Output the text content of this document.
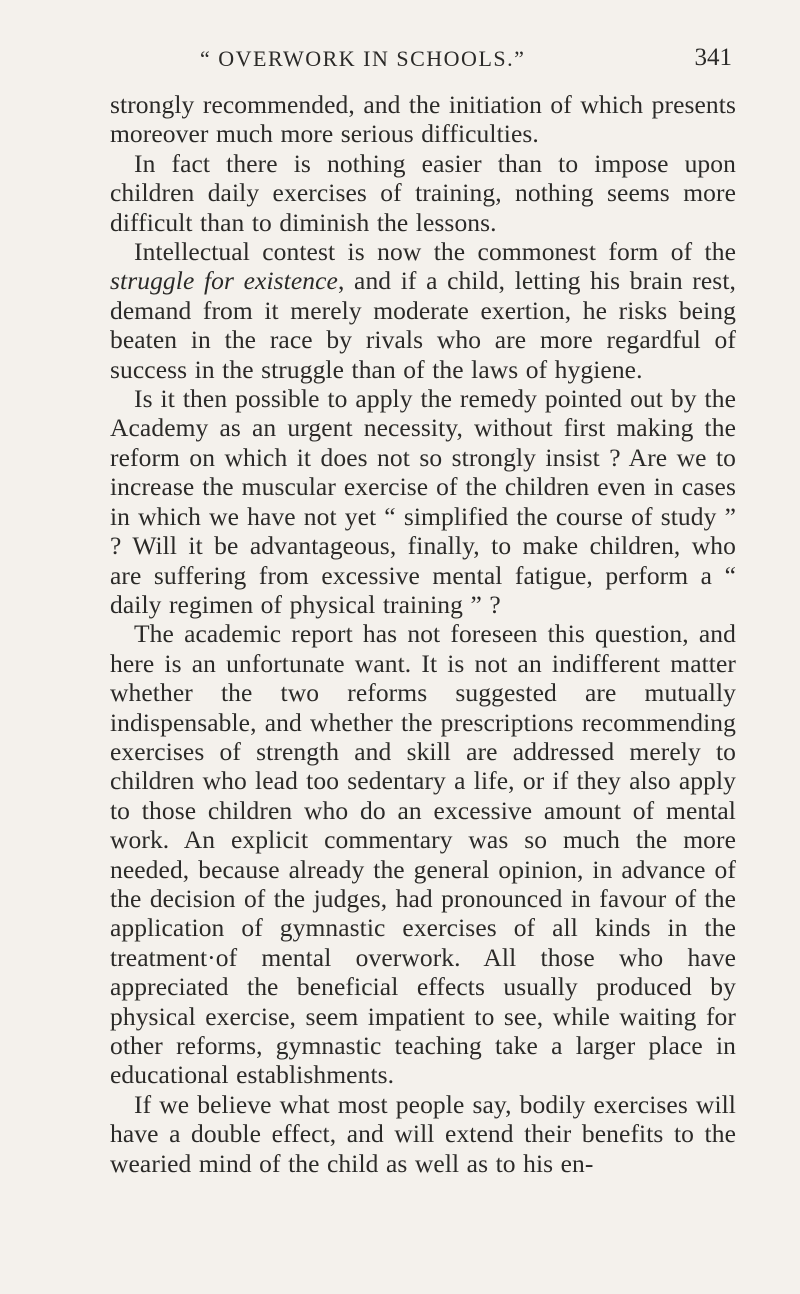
“ OVERWORK IN SCHOOLS.”	341

strongly recommended, and the initiation of which presents moreover much more serious difficulties.

In fact there is nothing easier than to impose upon children daily exercises of training, nothing seems more difficult than to diminish the lessons.

Intellectual contest is now the commonest form of the struggle for existence, and if a child, letting his brain rest, demand from it merely moderate exertion, he risks being beaten in the race by rivals who are more regardful of success in the struggle than of the laws of hygiene.

Is it then possible to apply the remedy pointed out by the Academy as an urgent necessity, without first making the reform on which it does not so strongly insist ? Are we to increase the muscular exercise of the children even in cases in which we have not yet “ simplified the course of study ” ? Will it be advantageous, finally, to make children, who are suffering from excessive mental fatigue, perform a “ daily regimen of physical training ” ?

The academic report has not foreseen this question, and here is an unfortunate want. It is not an indifferent matter whether the two reforms suggested are mutually indispensable, and whether the prescriptions recommending exercises of strength and skill are addressed merely to children who lead too sedentary a life, or if they also apply to those children who do an excessive amount of mental work. An explicit commentary was so much the more needed, because already the general opinion, in advance of the decision of the judges, had pronounced in favour of the application of gymnastic exercises of all kinds in the treatment·of mental overwork. All those who have appreciated the beneficial effects usually produced by physical exercise, seem impatient to see, while waiting for other reforms, gymnastic teaching take a larger place in educational establishments.

If we believe what most people say, bodily exercises will have a double effect, and will extend their benefits to the wearied mind of the child as well as to his en-
